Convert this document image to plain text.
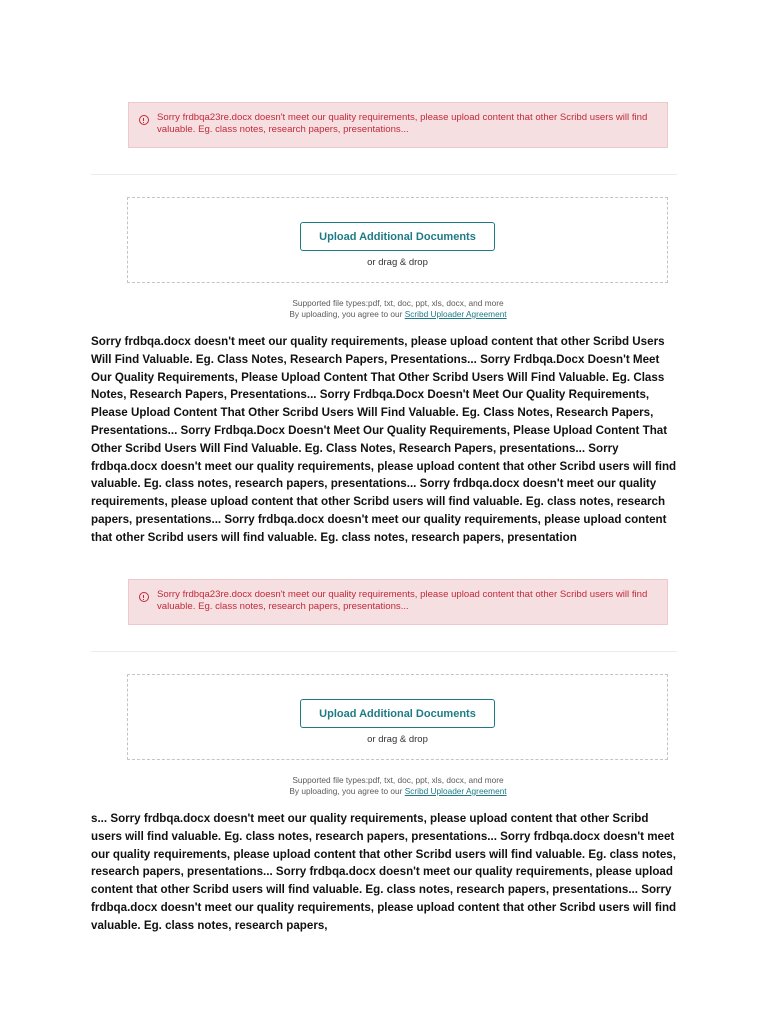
Sorry frdbqa23re.docx doesn't meet our quality requirements, please upload content that other Scribd users will find valuable. Eg. class notes, research papers, presentations...
Upload Additional Documents
or drag & drop
Supported file types:pdf, txt, doc, ppt, xls, docx, and more
By uploading, you agree to our Scribd Uploader Agreement

Sorry frdbqa.docx doesn't meet our quality requirements, please upload content that other Scribd Users Will Find Valuable. Eg. Class Notes, Research Papers, Presentations... Sorry Frdbqa.Docx Doesn't Meet Our Quality Requirements, Please Upload Content That Other Scribd Users Will Find Valuable. Eg. Class Notes, Research Papers, Presentations... Sorry Frdbqa.Docx Doesn't Meet Our Quality Requirements, Please Upload Content That Other Scribd Users Will Find Valuable. Eg. Class Notes, Research Papers, Presentations... Sorry Frdbqa.Docx Doesn't Meet Our Quality Requirements, Please Upload Content That Other Scribd Users Will Find Valuable. Eg. Class Notes, Research Papers, presentations... Sorry frdbqa.docx doesn't meet our quality requirements, please upload content that other Scribd users will find valuable. Eg. class notes, research papers, presentations... Sorry frdbqa.docx doesn't meet our quality requirements, please upload content that other Scribd users will find valuable. Eg. class notes, research papers, presentations... Sorry frdbqa.docx doesn't meet our quality requirements, please upload content that other Scribd users will find valuable. Eg. class notes, research papers, presentation

Sorry frdbqa23re.docx doesn't meet our quality requirements, please upload content that other Scribd users will find valuable. Eg. class notes, research papers, presentations...
Upload Additional Documents
or drag & drop
Supported file types:pdf, txt, doc, ppt, xls, docx, and more
By uploading, you agree to our Scribd Uploader Agreement

s... Sorry frdbqa.docx doesn't meet our quality requirements, please upload content that other Scribd users will find valuable. Eg. class notes, research papers, presentations... Sorry frdbqa.docx doesn't meet our quality requirements, please upload content that other Scribd users will find valuable. Eg. class notes, research papers, presentations... Sorry frdbqa.docx doesn't meet our quality requirements, please upload content that other Scribd users will find valuable. Eg. class notes, research papers, presentations... Sorry frdbqa.docx doesn't meet our quality requirements, please upload content that other Scribd users will find valuable. Eg. class notes, research papers,
